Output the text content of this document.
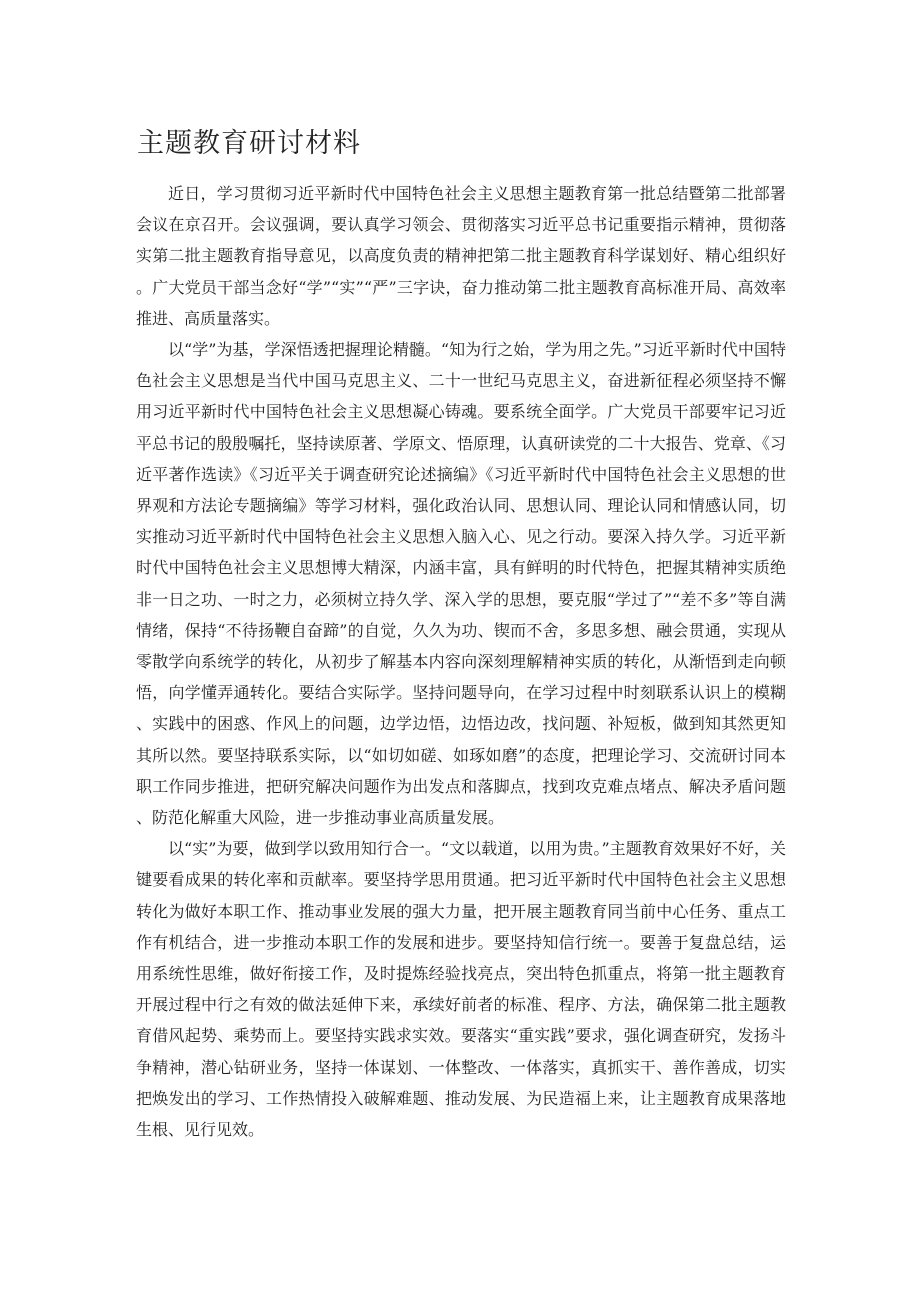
主题教育研讨材料

近日，学习贯彻习近平新时代中国特色社会主义思想主题教育第一批总结暨第二批部署会议在京召开。会议强调，要认真学习领会、贯彻落实习近平总书记重要指示精神，贯彻落实第二批主题教育指导意见，以高度负责的精神把第二批主题教育科学谋划好、精心组织好。广大党员干部当念好“学”“实”“严”三字诀，奋力推动第二批主题教育高标准开局、高效率推进、高质量落实。

以“学”为基，学深悟透把握理论精髓。“知为行之始，学为用之先。”习近平新时代中国特色社会主义思想是当代中国马克思主义、二十一世纪马克思主义，奋进新征程必须坚持不懈用习近平新时代中国特色社会主义思想凝心铸魂。要系统全面学。广大党员干部要牢记习近平总书记的殷殷嘱托，坚持读原著、学原文、悟原理，认真研读党的二十大报告、党章、《习近平著作选读》《习近平关于调查研究论述摘编》《习近平新时代中国特色社会主义思想的世界观和方法论专题摘编》等学习材料，强化政治认同、思想认同、理论认同和情感认同，切实推动习近平新时代中国特色社会主义思想入脑入心、见之行动。要深入持久学。习近平新时代中国特色社会主义思想博大精深，内涵丰富，具有鲜明的时代特色，把握其精神实质绝非一日之功、一时之力，必须树立持久学、深入学的思想，要克服“学过了”“差不多”等自满情绪，保持“不待扬鞭自奋蹄”的自觉，久久为功、锲而不舍，多思多想、融会贯通，实现从零散学向系统学的转化，从初步了解基本内容向深刻理解精神实质的转化，从渐悟到走向顿悟，向学懂弄通转化。要结合实际学。坚持问题导向，在学习过程中时刻联系认识上的模糊、实践中的困惑、作风上的问题，边学边悟，边悟边改，找问题、补短板，做到知其然更知其所以然。要坚持联系实际，以“如切如磋、如琢如磨”的态度，把理论学习、交流研讨同本职工作同步推进，把研究解决问题作为出发点和落脚点，找到攻克难点堵点、解决矛盾问题、防范化解重大风险，进一步推动事业高质量发展。

以“实”为要，做到学以致用知行合一。“文以载道，以用为贵。”主题教育效果好不好，关键要看成果的转化率和贡献率。要坚持学思用贯通。把习近平新时代中国特色社会主义思想转化为做好本职工作、推动事业发展的强大力量，把开展主题教育同当前中心任务、重点工作有机结合，进一步推动本职工作的发展和进步。要坚持知信行统一。要善于复盘总结，运用系统性思维，做好衔接工作，及时提炼经验找亮点，突出特色抓重点，将第一批主题教育开展过程中行之有效的做法延伸下来，承续好前者的标准、程序、方法，确保第二批主题教育借风起势、乘势而上。要坚持实践求实效。要落实“重实践”要求，强化调查研究，发扬斗争精神，潜心钻研业务，坚持一体谋划、一体整改、一体落实，真抓实干、善作善成，切实把焕发出的学习、工作热情投入破解难题、推动发展、为民造福上来，让主题教育成果落地生根、见行见效。
